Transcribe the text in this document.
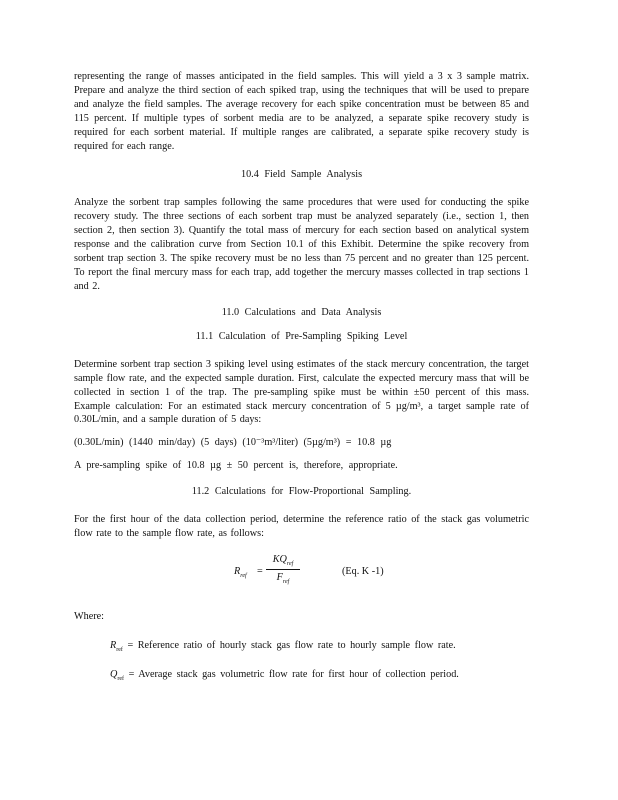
representing the range of masses anticipated in the field samples. This will yield a 3 x 3 sample matrix. Prepare and analyze the third section of each spiked trap, using the techniques that will be used to prepare and analyze the field samples. The average recovery for each spike concentration must be between 85 and 115 percent. If multiple types of sorbent media are to be analyzed, a separate spike recovery study is required for each sorbent material. If multiple ranges are calibrated, a separate spike recovery study is required for each range.

10.4 Field Sample Analysis

Analyze the sorbent trap samples following the same procedures that were used for conducting the spike recovery study. The three sections of each sorbent trap must be analyzed separately (i.e., section 1, then section 2, then section 3). Quantify the total mass of mercury for each section based on analytical system response and the calibration curve from Section 10.1 of this Exhibit. Determine the spike recovery from sorbent trap section 3. The spike recovery must be no less than 75 percent and no greater than 125 percent. To report the final mercury mass for each trap, add together the mercury masses collected in trap sections 1 and 2.

11.0 Calculations and Data Analysis

11.1 Calculation of Pre-Sampling Spiking Level

Determine sorbent trap section 3 spiking level using estimates of the stack mercury concentration, the target sample flow rate, and the expected sample duration. First, calculate the expected mercury mass that will be collected in section 1 of the trap. The pre-sampling spike must be within ±50 percent of this mass. Example calculation: For an estimated stack mercury concentration of 5 µg/m³, a target sample rate of 0.30L/min, and a sample duration of 5 days:

(0.30L/min) (1440 min/day) (5 days) (10⁻³m³/liter) (5µg/m³) = 10.8 µg

A pre-sampling spike of 10.8 µg ± 50 percent is, therefore, appropriate.

11.2 Calculations for Flow-Proportional Sampling.

For the first hour of the data collection period, determine the reference ratio of the stack gas volumetric flow rate to the sample flow rate, as follows:

$R_{ref}$ =
$KQ_{ref}$
$F_{ref}$
(Eq. K -1)

Where:

$R_{ref}$ = Reference ratio of hourly stack gas flow rate to hourly sample flow rate.

$Q_{ref}$ = Average stack gas volumetric flow rate for first hour of collection period.
